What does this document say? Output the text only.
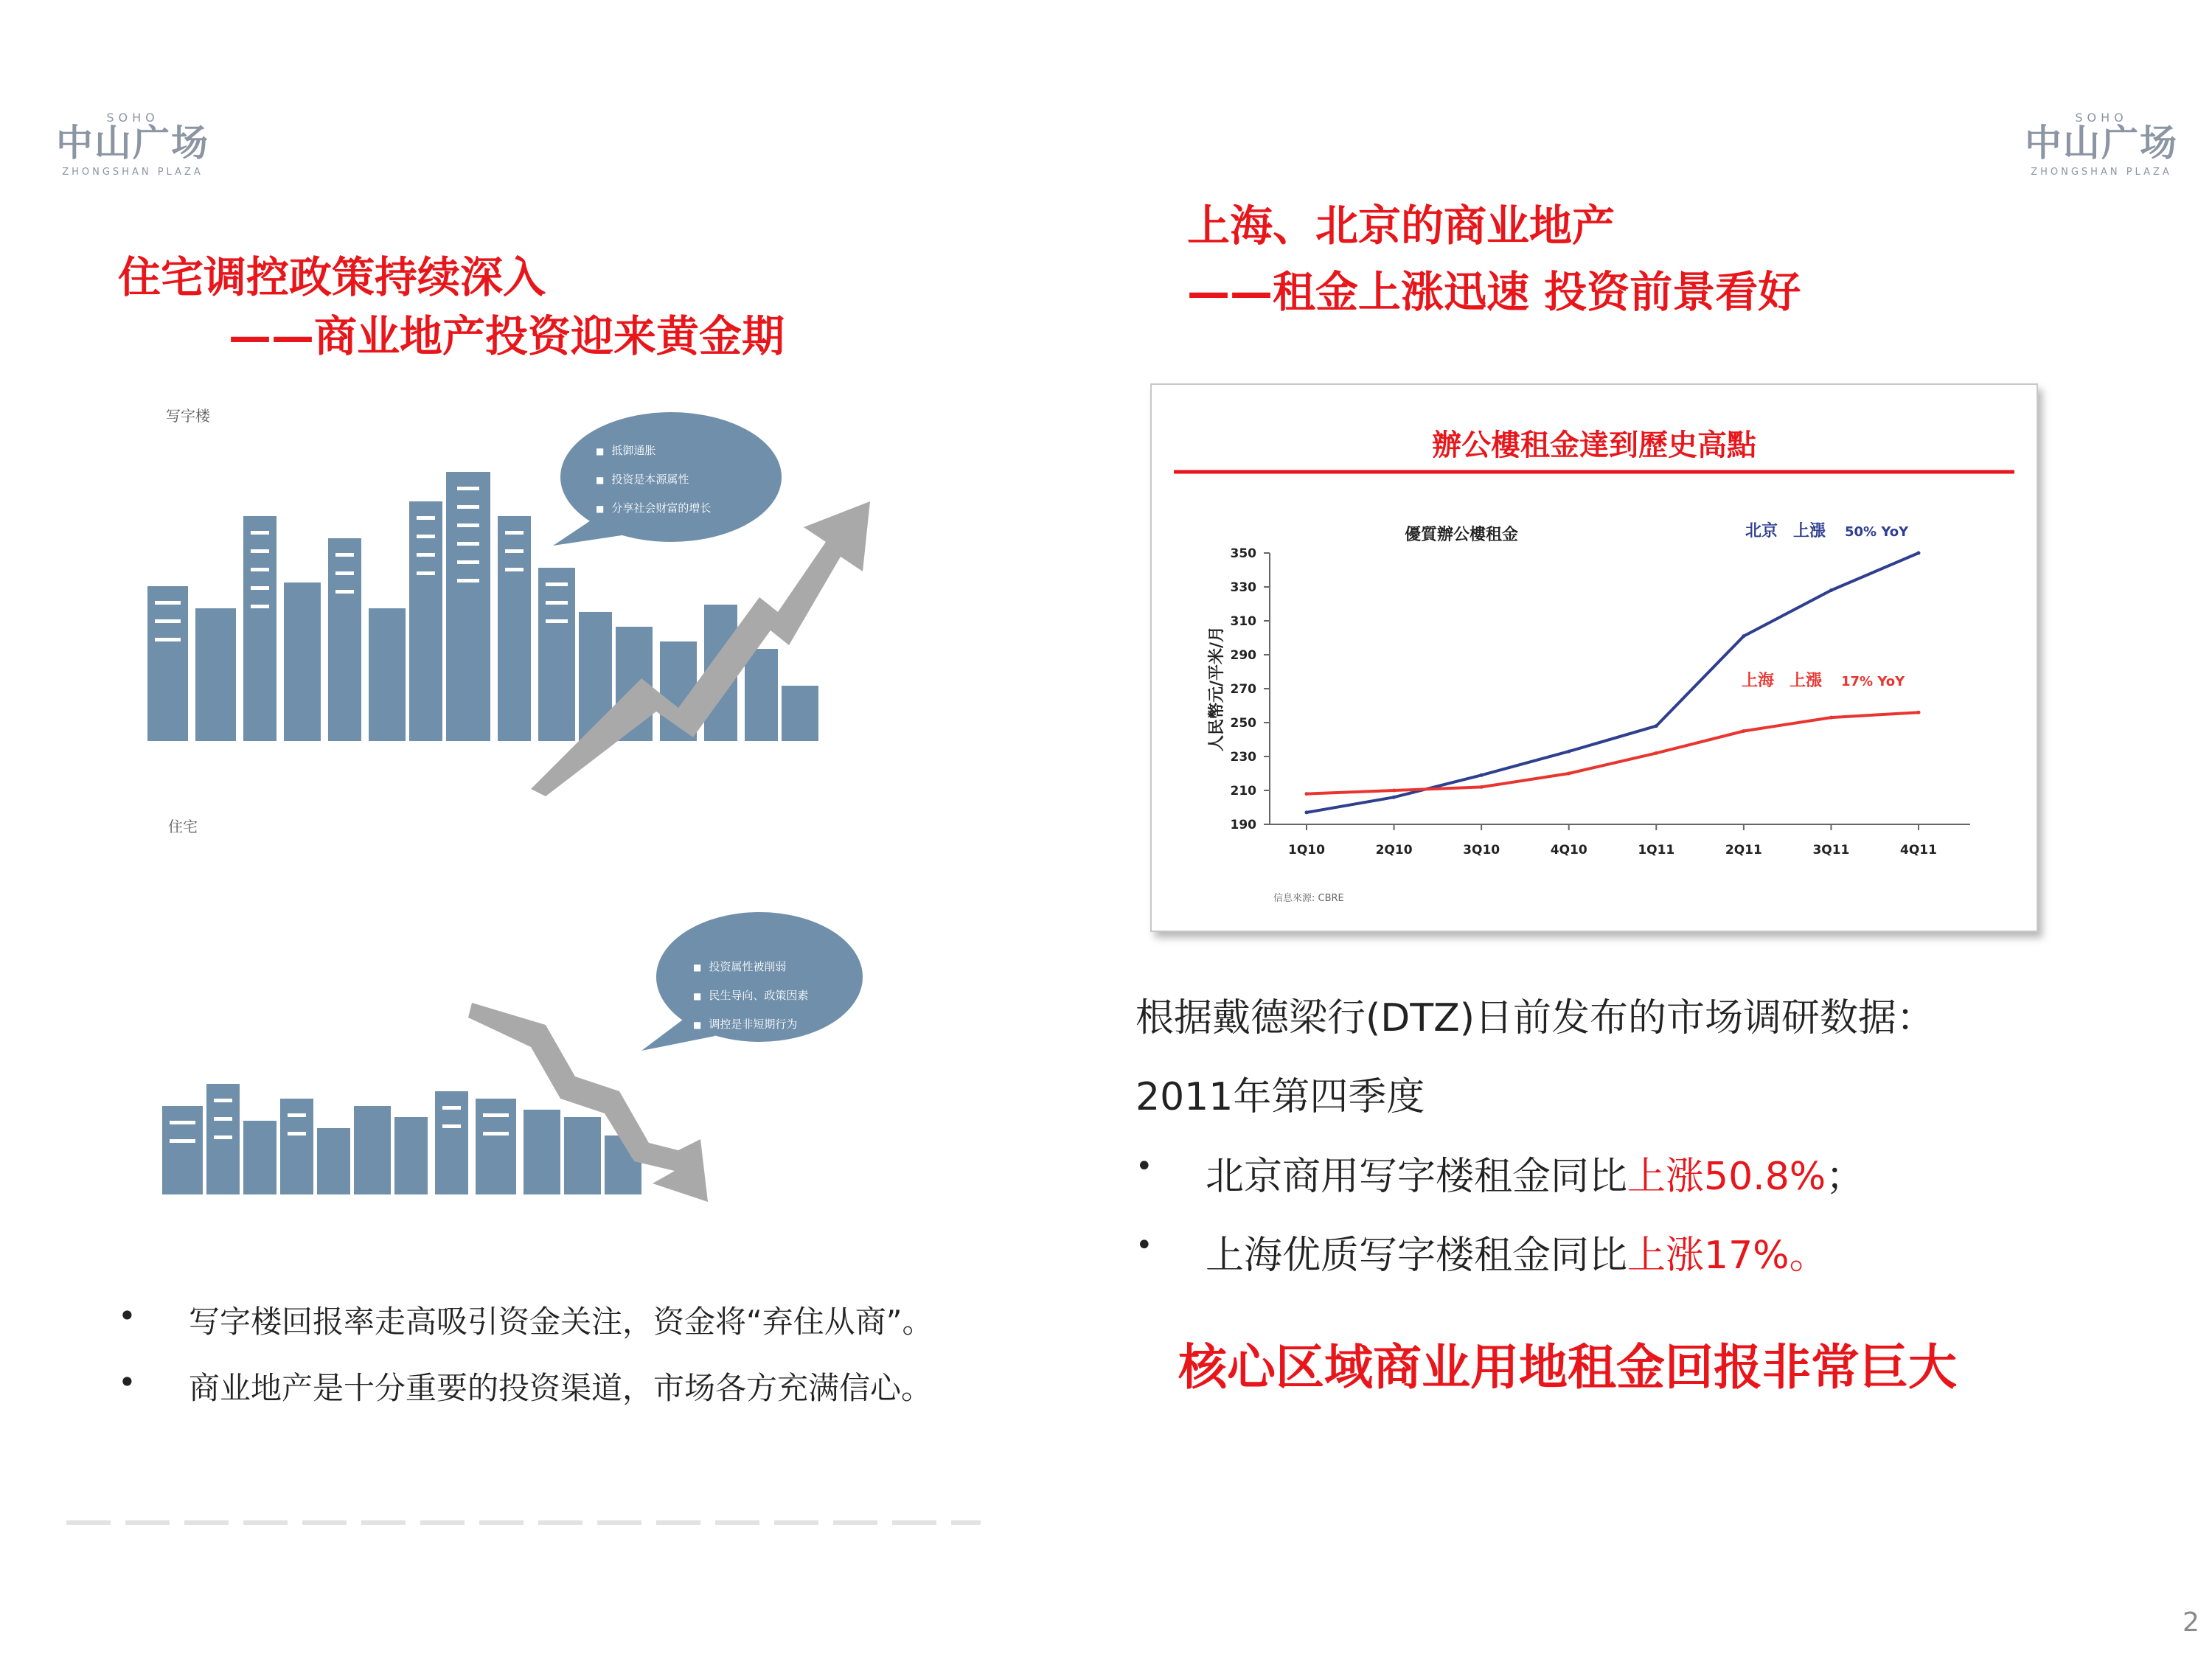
SOHO
中山广场
ZHONGSHAN PLAZA
SOHO
中山广场
ZHONGSHAN PLAZA
住宅调控政策持续深入
——商业地产投资迎来黄金期
写字楼
■ 抵御通胀
■ 投资是本源属性
■ 分享社会财富的增长
住宅
■ 投资属性被削弱
■ 民生导向、政策因素
■ 调控是非短期行为
• 写字楼回报率走高吸引资金关注，资金将“弃住从商”。
• 商业地产是十分重要的投资渠道，市场各方充满信心。
上海、北京的商业地产
——租金上涨迅速 投资前景看好
辦公樓租金達到歷史高點
優質辦公樓租金
190
210
230
250
270
290
310
330
350
1Q10	2Q10	3Q10	4Q10	1Q11	2Q11	3Q11	4Q11
人民幣元/平米/月
北京 上漲 50% YoY
上海 上漲 17% YoY
信息來源: CBRE
根据戴德梁行(DTZ)日前发布的市场调研数据：
2011年第四季度
• 北京商用写字楼租金同比上涨50.8%；
• 上海优质写字楼租金同比上涨17%。
核心区域商业用地租金回报非常巨大
2
